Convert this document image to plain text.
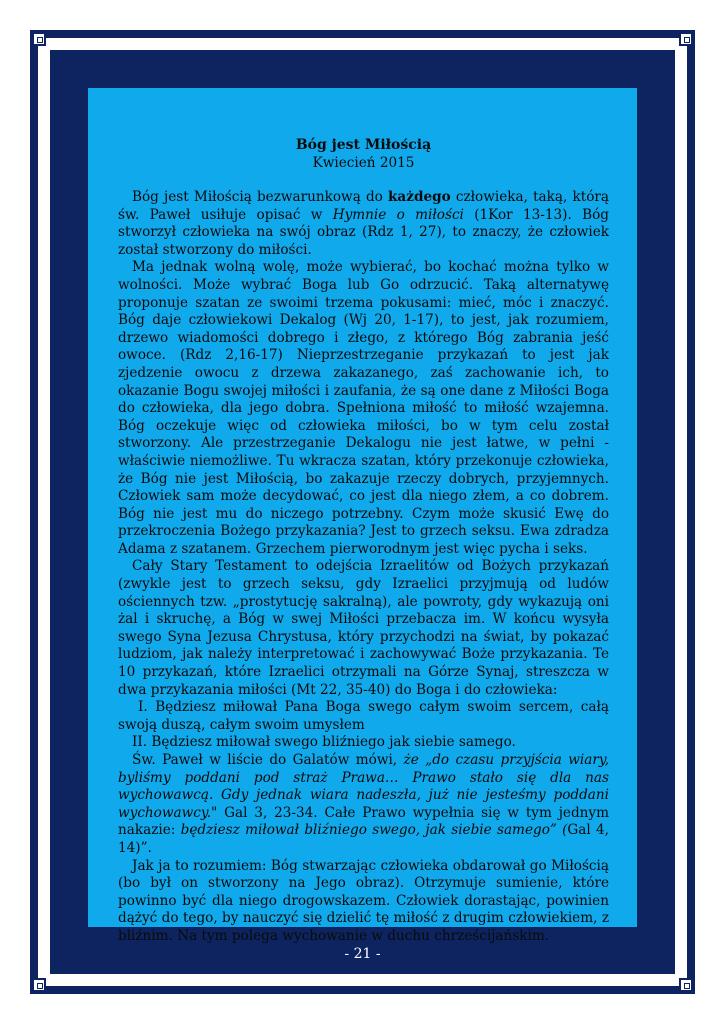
Bóg jest Miłością
Kwiecień 2015

Bóg jest Miłością bezwarunkową do każdego człowieka, taką, którą św. Paweł usiłuje opisać w Hymnie o miłości (1Kor 13-13). Bóg stworzył człowieka na swój obraz (Rdz 1, 27), to znaczy, że człowiek został stworzony do miłości.

Ma jednak wolną wolę, może wybierać, bo kochać można tylko w wolności. Może wybrać Boga lub Go odrzucić. Taką alternatywę proponuje szatan ze swoimi trzema pokusami: mieć, móc i znaczyć. Bóg daje człowiekowi Dekalog (Wj 20, 1-17), to jest, jak rozumiem, drzewo wiadomości dobrego i złego, z którego Bóg zabrania jeść owoce. (Rdz 2,16-17) Nieprzestrzeganie przykazań to jest jak zjedzenie owocu z drzewa zakazanego, zaś zachowanie ich, to okazanie Bogu swojej miłości i zaufania, że są one dane z Miłości Boga do człowieka, dla jego dobra. Spełniona miłość to miłość wzajemna. Bóg oczekuje więc od człowieka miłości, bo w tym celu został stworzony. Ale przestrzeganie Dekalogu nie jest łatwe, w pełni - właściwie niemożliwe. Tu wkracza szatan, który przekonuje człowieka, że Bóg nie jest Miłością, bo zakazuje rzeczy dobrych, przyjemnych. Człowiek sam może decydować, co jest dla niego złem, a co dobrem. Bóg nie jest mu do niczego potrzebny. Czym może skusić Ewę do przekroczenia Bożego przykazania? Jest to grzech seksu. Ewa zdradza Adama z szatanem. Grzechem pierworodnym jest więc pycha i seks.

Cały Stary Testament to odejścia Izraelitów od Bożych przykazań (zwykle jest to grzech seksu, gdy Izraelici przyjmują od ludów ościennych tzw. „prostytucję sakralną), ale powroty, gdy wykazują oni żal i skruchę, a Bóg w swej Miłości przebacza im. W końcu wysyła swego Syna Jezusa Chrystusa, który przychodzi na świat, by pokazać ludziom, jak należy interpretować i zachowywać Boże przykazania. Te 10 przykazań, które Izraelici otrzymali na Górze Synaj, streszcza w dwa przykazania miłości (Mt 22, 35-40) do Boga i do człowieka:

I. Będziesz miłował Pana Boga swego całym swoim sercem, całą swoją duszą, całym swoim umysłem

II. Będziesz miłował swego bliźniego jak siebie samego.

Św. Paweł w liście do Galatów mówi, że „do czasu przyjścia wiary, byliśmy poddani pod straż Prawa… Prawo stało się dla nas wychowawcą. Gdy jednak wiara nadeszła, już nie jesteśmy poddani wychowawcy." Gal 3, 23-34. Całe Prawo wypełnia się w tym jednym nakazie: będziesz miłował bliźniego swego, jak siebie samego” (Gal 4, 14)”.

Jak ja to rozumiem: Bóg stwarzając człowieka obdarował go Miłością (bo był on stworzony na Jego obraz). Otrzymuje sumienie, które powinno być dla niego drogowskazem. Człowiek dorastając, powinien dążyć do tego, by nauczyć się dzielić tę miłość z drugim człowiekiem, z bliźnim. Na tym polega wychowanie w duchu chrześcijańskim.

- 21 -
